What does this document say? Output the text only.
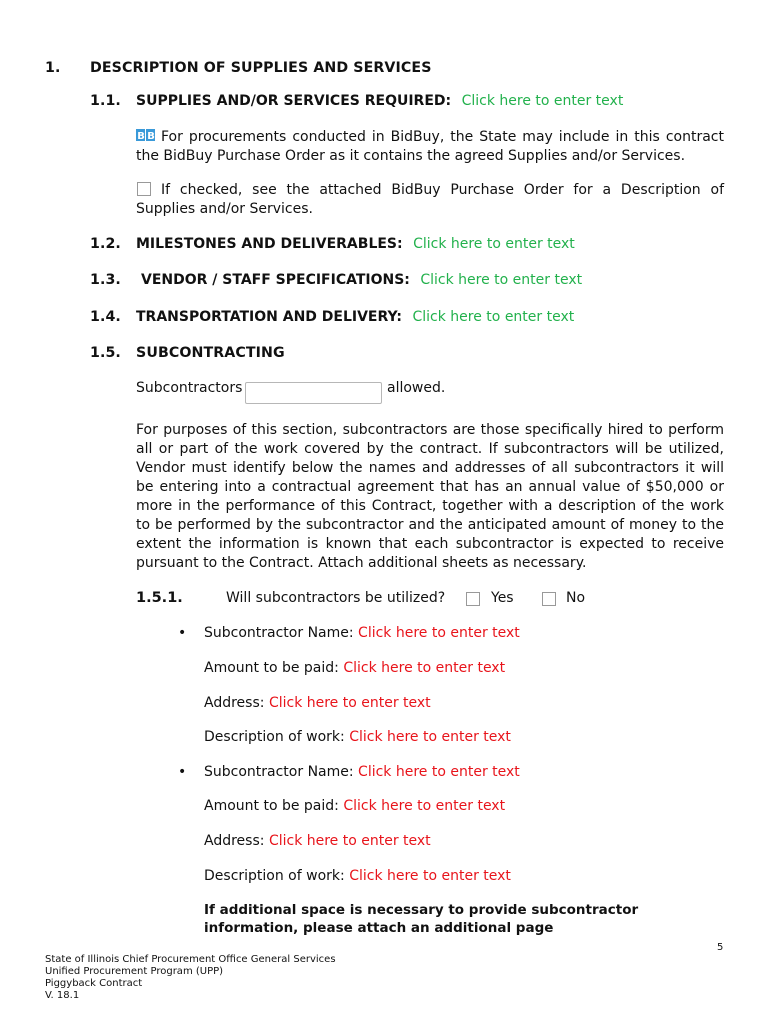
1. DESCRIPTION OF SUPPLIES AND SERVICES
1.1. SUPPLIES AND/OR SERVICES REQUIRED: Click here to enter text
B B For procurements conducted in BidBuy, the State may include in this contract the BidBuy Purchase Order as it contains the agreed Supplies and/or Services.
If checked, see the attached BidBuy Purchase Order for a Description of Supplies and/or Services.
1.2. MILESTONES AND DELIVERABLES: Click here to enter text
1.3. VENDOR / STAFF SPECIFICATIONS: Click here to enter text
1.4. TRANSPORTATION AND DELIVERY: Click here to enter text
1.5. SUBCONTRACTING
Subcontractors	allowed.
For purposes of this section, subcontractors are those specifically hired to perform all or part of the work covered by the contract. If subcontractors will be utilized, Vendor must identify below the names and addresses of all subcontractors it will be entering into a contractual agreement that has an annual value of $50,000 or more in the performance of this Contract, together with a description of the work to be performed by the subcontractor and the anticipated amount of money to the extent the information is known that each subcontractor is expected to receive pursuant to the Contract. Attach additional sheets as necessary.
1.5.1.	Will subcontractors be utilized?	Yes	No
• Subcontractor Name: Click here to enter text
Amount to be paid: Click here to enter text
Address: Click here to enter text
Description of work: Click here to enter text
• Subcontractor Name: Click here to enter text
Amount to be paid: Click here to enter text
Address: Click here to enter text
Description of work: Click here to enter text
If additional space is necessary to provide subcontractor
information, please attach an additional page
5
State of Illinois Chief Procurement Office General Services
Unified Procurement Program (UPP)
Piggyback Contract
V. 18.1
